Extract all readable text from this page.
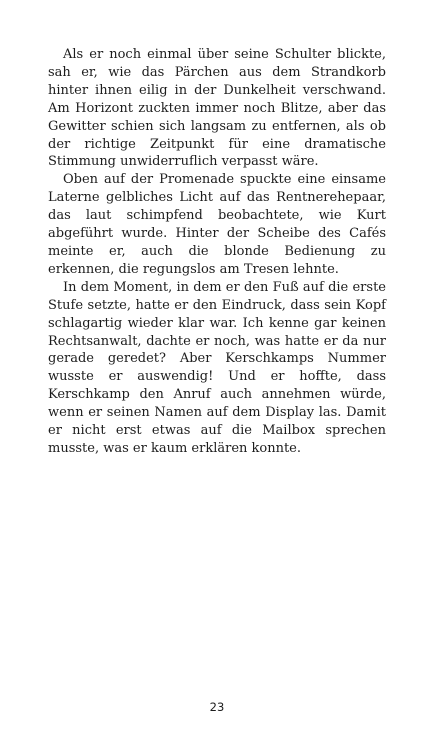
Als er noch einmal über seine Schulter blickte, sah er, wie das Pärchen aus dem Strandkorb hinter ihnen eilig in der Dunkelheit verschwand. Am Horizont zuckten immer noch Blitze, aber das Gewitter schien sich langsam zu entfernen, als ob der richtige Zeitpunkt für eine dramatische Stimmung unwiderruflich verpasst wäre.

Oben auf der Promenade spuckte eine einsame Laterne gelbliches Licht auf das Rentnerehepaar, das laut schimpfend beobachtete, wie Kurt abgeführt wurde. Hinter der Scheibe des Cafés meinte er, auch die blonde Bedienung zu erkennen, die regungslos am Tresen lehnte.

In dem Moment, in dem er den Fuß auf die erste Stufe setzte, hatte er den Eindruck, dass sein Kopf schlagartig wieder klar war. Ich kenne gar keinen Rechtsanwalt, dachte er noch, was hatte er da nur gerade geredet? Aber Kerschkamps Nummer wusste er auswendig! Und er hoffte, dass Kerschkamp den Anruf auch annehmen würde, wenn er seinen Namen auf dem Display las. Damit er nicht erst etwas auf die Mailbox sprechen musste, was er kaum erklären konnte.

23
